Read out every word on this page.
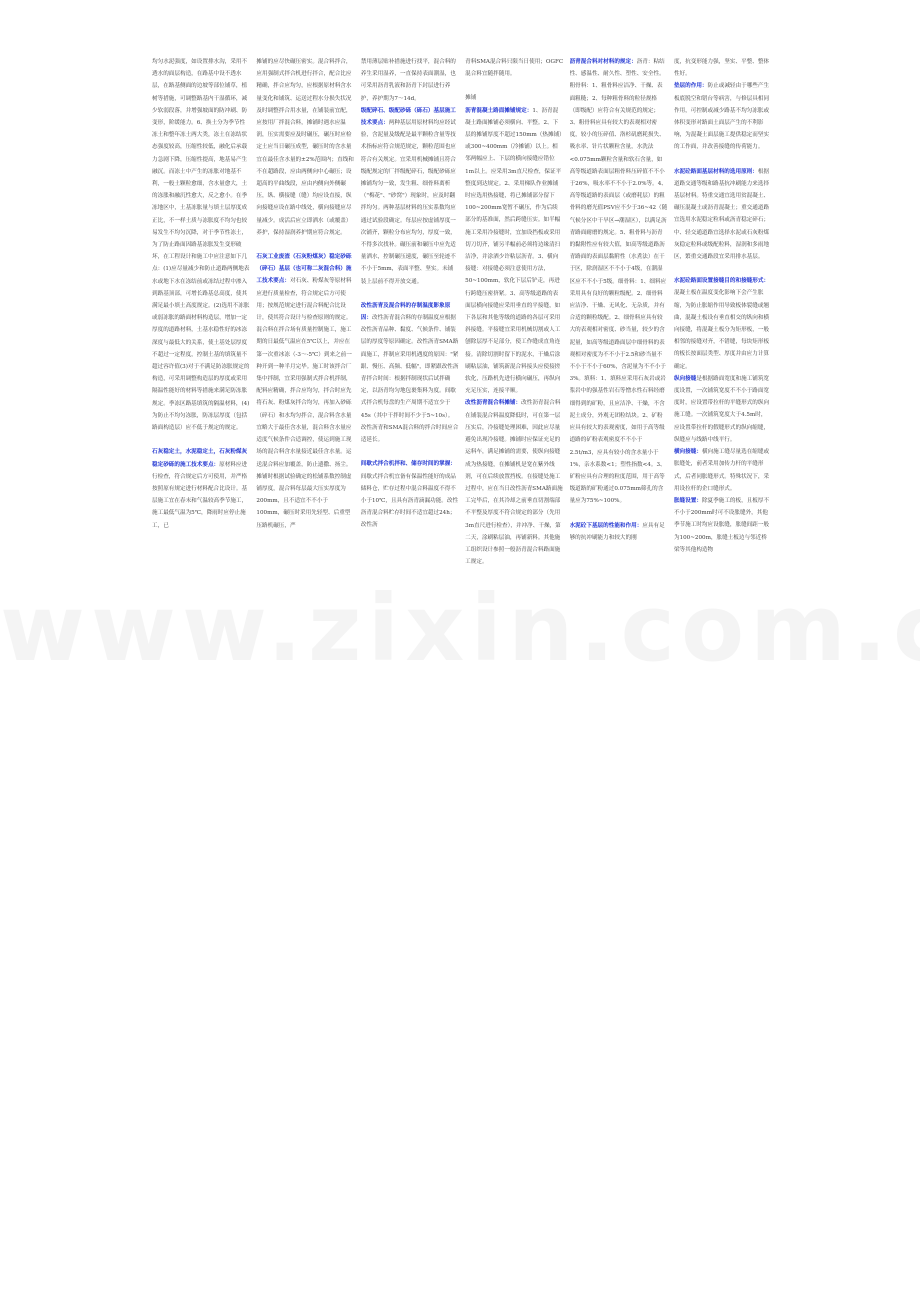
均匀水泥强度，如设置排水沟，采用不透水的面层构造，在路基中设不透水层，在路基侧面的边坡等部位铺草，植树等措施，可调整路基内干湿循环，减少软弱段落，并增强坡面的防冲刷、防变形，阶缓能力。6、换土分为季节性冻土和整年冻土两大类，冻土在冻结状态强度较高，压缩性较低，融化后承载力急剧下降，压缩性提高，地基易产生融沉。而冻土中产生的冻胀对地基不利，一般土颗粒愈细，含水量愈大，土的冻胀和融沉性愈大，反之愈小。在季冻地区中，土基冻胀量与填土层厚度成正比，不一样土质与冻胀度不均匀也较易发生不均匀沉降，对于季节性冻土，为了防止路面因路基冻胀发生变形破坏，在工程设计和施工中应注意如下几点：(1)应尽量减少和防止道路两侧地表水或地下水在冻结前或冻结过程中渗入到路基顶部，可增长路基总高度，使其满足最小填土高度规定。(2)选用不冻胀或弱冻胀的路面材料构造层，增加一定厚度的道路材料，土基水稳性好的冰冻深度与最低大的关系，使土基处层厚度不超过一定程度，控制土基的填筑量不超过容许值(3)对于不满足防冻胀规定的构造，可采用调整构造层的厚度或采用隔温性能好的材料等措施来满足防冻胀规定。季冻区路基填筑的隔温材料，(4)为防止不均匀冻胀，防冻层厚度（包括路面构造层）应不低于规定的规定。

石灰稳定土，水泥稳定土，石灰粉煤灰稳定砂砾的施工技术要点：原材料应进行检查，符合规定后方可使用，并严格按照原有规定进行材料配合比设计。基层施工宜在春末和气温较高季节施工，施工最低气温为5℃，降雨时应停止施工，已

摊铺的应尽快碾压密实。混合料拌合，应用强制式拌合机进行拌合，配合比应精确，拌合应均匀，应根据原材料含水量变化和铺筑、运送过程水分损失状况及时调整拌合用水量，在铺装前宜配，应按用厂拌混合料，摊铺时遇水应温润，压实需要应及时碾压，碾压时应检定土应当日碾压成型，碾压时的含水量宜在最佳含水量的±2%范围内；直线和不在超路段，应由两侧向中心碾压；设超高的平曲线段，应由内侧向外侧碾压，纵、横接缝（缝）均应设直接，纵向接缝应设在路中线处，横向接缝应尽量减少。成活后应立即洒水（或覆盖）养护，保持湿润养护期应符合规定。

石灰工业废渣（石灰粉煤灰）稳定砂砾（碎石）基层（也可称二灰混合料）施工技术要点：对石灰、粉煤灰等原材料应进行质量检查，符合规定后方可使用；按规范规定进行混合料配合比设计，使其符合设计与检查原则的规定。混合料在拌合场有质量控制施工，施工期的日最低气温应在5℃以上，并应在第一次重冰冻（-3～-5℃）到来之前一种开到一种半月完毕。施工时该拌合厂集中拌制，宜采用强制式拌合机拌制，配料应精确，拌合应均匀，拌合时应先将石灰、粉煤灰拌合均匀，再加入砂砾（碎石）和水均匀拌合，混合料含水量宜略大于最佳含水量，混合料含水量应适度气候条件合适调控，使运到施工现场的混合料含水量接近最佳含水量。运送混合料应加覆盖，防止遗撒、扬尘。摊铺时根据试验确定的松铺系数控制虚铺厚度，混合料每层最大压实厚度为200mm，且不适宜不不小于100mm，碾压时采用先轻型、后重型压路机碾压，严

禁用薄层贴补措施进行找平，混合料的养生采用湿养，一直保持表面潮湿，也可采用沥青乳液和沥青下封层进行养护，养护期为7～14d。

级配碎石、级配砂砾（砾石）基层施工技术要点：两种基层用原材料均应经试验，含泥量及级配是最平颗粒含量等技术指标应符合规范规定，颗粒范围也应符合有关规定。宜采用机械摊铺且符合级配规定的厂拌级配碎石，级配砂砾应摊铺均匀一致，发生粗、细骨料离析（"梅花"、"砂窝"）现象时，应及时翻拌均匀。两种基层材料的压实系数均应通过试验段确定。每层应按虚铺厚度一次铺齐，颗粒分布应均匀，厚度一致，不得多次找补。碾压前和碾压中应先适量洒水，控制碾压速度，碾压至轮迹不不小于5mm，表面平整、坚实。未铺装上层前不得开放交通。

改性沥青及混合料的存制温度影象原因：改性沥青混合料的存制温度应根据改性沥青品种、黏度、气候条件、铺装层的厚度等原因确定。改性沥青SMA路面施工，拌制应采用机遇度的原因："紧跟、慢压、高频、低幅"，即紧跟改性沥青拌合时间：根据拌制现状后试拌确定，以沥青均匀地包裹集料为度。间歇式拌合机每盘的生产周期不适宜少于45s（其中干拌时间不少于5~10s）。改性沥青和SMA混合料的拌合时间应合适延长。

间歇式拌合机拌和、储存时间的掌握：间歇式拌合机宜备有保温性能好的成品储料仓，贮存过程中混合料温度不得不小于10℃，且具有沥青滴漏功能。改性沥青混合料贮存时间不适宜超过24h；改性沥

青料SMA混合料只限当日使用；OGFC混合料宜随拌随用。

摊铺

沥青混凝土路面摊铺规定：1、沥青混凝土路面摊铺必须横向、平整。2、下层的摊铺厚度不超过150mm（热摊铺）或300~400mm（冷摊铺）以上。相邻两幅应上、下层的横向接缝应错位1m以上。应采用3m直尺检查，保证平整度到达规定。2、采用梯队作业摊铺时应选用热接缝，将已摊铺部分留下100~200mm宽暂不碾压，作为后续部分的基准面，然后跨缝压实。如半幅施工采用冷接缝时，宜加设挡板或采用切刀切齐，铺另半幅前必须将边缘清扫洁净，并涂洒少许粘层沥青。3、横向接缝：对接缝必须注意使用方法，50~100mm，软化下层后铲走，再进行跨缝压密挤紧。3、高等级道路的表面层横向接缝应采用垂直的平接缝，如下各层和其他等级的道路的各层可采用斜接缝。平接缝宜采用机械切割或人工刨除层厚不足部分，使工作缝成直角连接。清除切割时留下的泥水，干燥后涂刷粘层油，铺筑新混合料接头应使接搓软化，压路机先进行横向碾压，再纵向充足压实，连接平顺。

改性沥青混合料摊铺：改性沥青混合料在铺装混合料温度降低时，可在第一层压实后，冷接缝处理困难，因此应尽量避免出现冷接缝。摊铺时应保证充足的运料车，满足摊铺的需要，使纵向接缝成为热接缝，在摊铺机是宽在紫外线剂，可在后续放置挡板。在接缝处施工过程中，应在当日改性沥青SMA路面施工完毕后，在其冷却之前垂直切割端部不平整及厚度不符合规定的部分（先用3m直尺进行检查），并冲净、干燥，第二天，涂刷粘层油，再铺新料。其他施工组织设计参照一般沥青混合料路面施工规定。

沥青混合料对材料的规定：沥青：粘结性、感温性、耐久性、塑性、安全性。粗骨料：1、粗骨料应洁净、干燥、表面粗糙；2、每种粗骨料的粒径规格（即级配）应符合有关规范的规定；3、粗骨料应具有较大的表观相对密度，较小的压碎值、洛杉矶磨耗损失、吸水率、针片状颗粒含量，水洗法<0.075mm颗粒含量和软石含量，如高等级道路表面层粗骨料压碎值不不小于26%，吸水率不不小于2.0%等。4、高等级道路的表面层（或磨耗层）的粗骨料的磨光值PSV应不少于36~42（随气候分区中干旱区→潮湿区），以满足沥青路面耐磨的规定。5、粗骨料与沥青的黏附性应有较大值，如高等级道路沥青路面的表面层黏附性（水煮法）在干于区，除润湿区不不小于4级，在潮湿区应不不小于5级。细骨料：1、细料应采用具有良好的颗粒级配。2、细骨料应洁净、干燥、无风化、无杂质，并有合适的颗粒级配。2、细骨料应具有较大的表观相对密度、砂当量，较少的含泥量，如高等级道路面层中细骨料的表观相对密度为不不小于2.5和砂当量不不小于不小于60%，含泥量为不不小于3%。填料：1、填料应采用石灰岩或岩浆岩中的强基性岩石等憎水性石料经磨细得到的矿粉，且应洁净、干燥，不含泥土成分，外观无团粒结块。2、矿粉应具有较大的表观密度，如用于高等级道路的矿粉表观密度不不小于2.5t/m3，应具有较小的含水量小于1%，亲水系数<1；塑性指数<4。3、矿粉应具有合理的粒度范围，用于高等级道路的矿粉通过0.075mm筛孔的含量应为75%~100%。

水泥砼下基层的性能和作用：应具有足够的抗冲刷能力和较大的刚

度，抗变形能力强，坚实、平整、整体性好。

垫层的作用：防止或减轻由于哪些产生板底脱空和错台等病害，与修层具相同作用，可控制或减少路基不均匀冻胀或体积变形对路面土面层产生的不利影响，为混凝土面层施工提供稳定而坚实的工作面，并改善接缝的传荷能力。

水泥砼路面基层材料的选用原则：根据道路交通等级和路基抗冲刷能力来选择基层材料。特重交通宜选用贫混凝土、碾压混凝土或沥青混凝土；重交通道路宜选用水泥稳定粒料或沥青稳定碎石；中、轻交通道路宜选择水泥或石灰粉煤灰稳定粒料或级配粒料，湿润和多雨地区，繁重交通路段宜采用排水基层。

水泥砼路面设置接缝目的和接缝形式：混凝土板在温度变化影响下会产生胀缩，为防止胀缩作用导致板体裂缝或翘曲，混凝土板设有垂直相交的纵向和横向接缝，将混凝土板分为矩形板，一般相邻的接缝对齐，不错缝，每块矩形板的板长按面层类型、厚度并由应力计算确定。

纵向接缝是根据路面宽度和施工铺筑宽度设置，一次铺筑宽度不不小于路面宽度时，应设置带拉杆的平缝形式的纵向施工缝。一次铺筑宽度大于4.5m时，应设置带拉杆的假缝形式的纵向缩缝，纵缝应与线路中线平行。

横向接缝：横向施工缝尽量选在缩缝或胀缝处，前者采用加传力杆的平缝形式，后者同胀缝形式。特殊状况下，采用设拉杆的企口缝形式。

胀缝设置：除夏季施工的板，且板厚不不小于200mm时可不设胀缝外，其他季节施工时均应设胀缝，胀缝间距一般为100~200m，胀缝土板边与邻近桥梁等其他构造物
